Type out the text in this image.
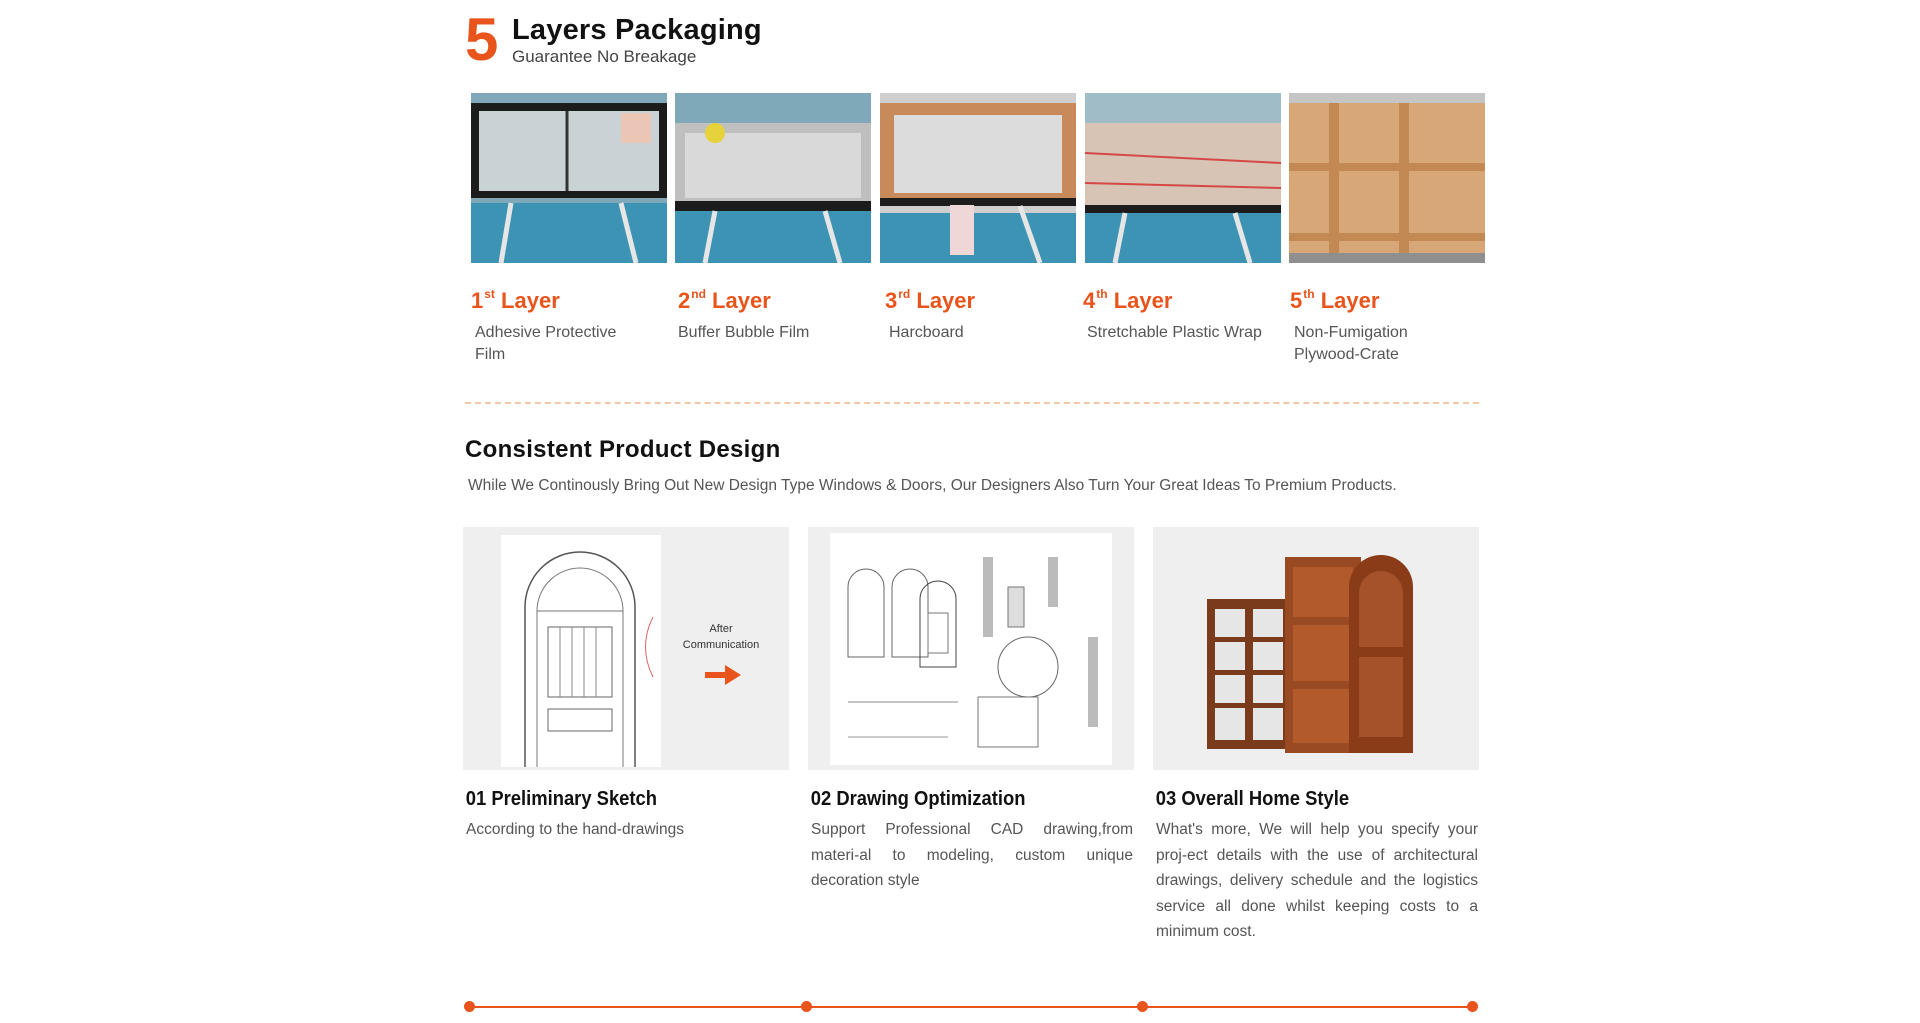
5 Layers Packaging
Guarantee No Breakage
1st Layer
Adhesive Protective Film
2nd Layer
Buffer Bubble Film
3rd Layer
Harcboard
4th Layer
Stretchable Plastic Wrap
5th Layer
Non-Fumigation Plywood-Crate
Consistent Product Design
While We Continously Bring Out New Design Type Windows & Doors, Our Designers Also Turn Your Great Ideas To Premium Products.
After
Communication
01 Preliminary Sketch
According to the hand-drawings
02 Drawing Optimization
Support Professional CAD drawing,from materi-al to modeling, custom unique decoration style
03 Overall Home Style
What's more, We will help you specify your proj-ect details with the use of architectural drawings, delivery schedule and the logistics service all done whilst keeping costs to a minimum cost.
